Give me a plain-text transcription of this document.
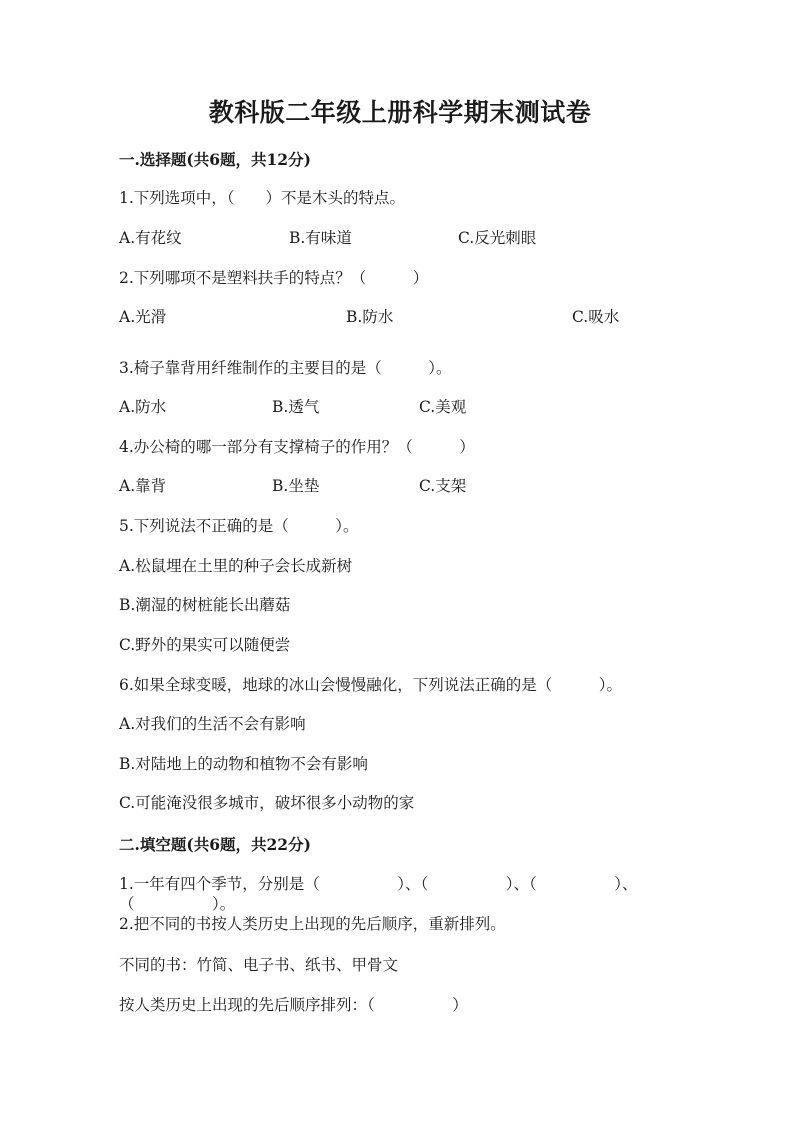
教科版二年级上册科学期末测试卷
一.选择题(共6题，共12分)
1.下列选项中，（　　）不是木头的特点。
A.有花纹	B.有味道	C.反光刺眼
2.下列哪项不是塑料扶手的特点？（　　　）
A.光滑	B.防水	C.吸水
3.椅子靠背用纤维制作的主要目的是（　　　）。
A.防水	B.透气	C.美观
4.办公椅的哪一部分有支撑椅子的作用？（　　　）
A.靠背	B.坐垫	C.支架
5.下列说法不正确的是（　　　）。
A.松鼠埋在土里的种子会长成新树
B.潮湿的树桩能长出蘑菇
C.野外的果实可以随便尝
6.如果全球变暖，地球的冰山会慢慢融化，下列说法正确的是（　　　）。
A.对我们的生活不会有影响
B.对陆地上的动物和植物不会有影响
C.可能淹没很多城市，破坏很多小动物的家
二.填空题(共6题，共22分)
1.一年有四个季节，分别是（　　　　　）、（　　　　　）、（　　　　　）、
（　　　　　）。
2.把不同的书按人类历史上出现的先后顺序，重新排列。
不同的书：竹简、电子书、纸书、甲骨文
按人类历史上出现的先后顺序排列：（　　　　　）
